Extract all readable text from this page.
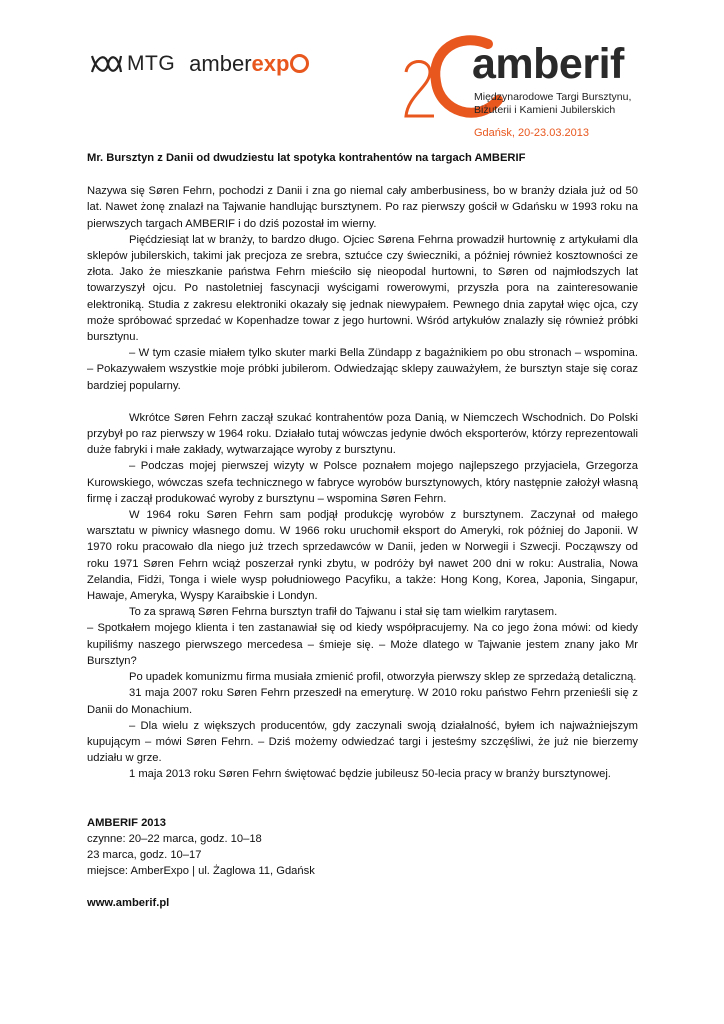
MTG amberexp	amberif
Międzynarodowe Targi Bursztynu,
Biżuterii i Kamieni Jubilerskich
Gdańsk, 20-23.03.2013

Mr. Bursztyn z Danii od dwudziestu lat spotyka kontrahentów na targach AMBERIF

Nazywa się Søren Fehrn, pochodzi z Danii i zna go niemal cały amberbusiness, bo w branży działa już od 50 lat. Nawet żonę znalazł na Tajwanie handlując bursztynem. Po raz pierwszy gościł w Gdańsku w 1993 roku na pierwszych targach AMBERIF i do dziś pozostał im wierny.

Pięćdziesiąt lat w branży, to bardzo długo. Ojciec Sørena Fehrna prowadził hurtownię z artykułami dla sklepów jubilerskich, takimi jak precjoza ze srebra, sztućce czy świeczniki, a później również kosztowności ze złota. Jako że mieszkanie państwa Fehrn mieściło się nieopodal hurtowni, to Søren od najmłodszych lat towarzyszył ojcu. Po nastoletniej fascynacji wyścigami rowerowymi, przyszła pora na zainteresowanie elektroniką. Studia z zakresu elektroniki okazały się jednak niewypałem. Pewnego dnia zapytał więc ojca, czy może spróbować sprzedać w Kopenhadze towar z jego hurtowni. Wśród artykułów znalazły się również próbki bursztynu.

– W tym czasie miałem tylko skuter marki Bella Zündapp z bagażnikiem po obu stronach – wspomina. – Pokazywałem wszystkie moje próbki jubilerom. Odwiedzając sklepy zauważyłem, że bursztyn staje się coraz bardziej popularny.

Wkrótce Søren Fehrn zaczął szukać kontrahentów poza Danią, w Niemczech Wschodnich. Do Polski przybył po raz pierwszy w 1964 roku. Działało tutaj wówczas jedynie dwóch eksporterów, którzy reprezentowali duże fabryki i małe zakłady, wytwarzające wyroby z bursztynu.

– Podczas mojej pierwszej wizyty w Polsce poznałem mojego najlepszego przyjaciela, Grzegorza Kurowskiego, wówczas szefa technicznego w fabryce wyrobów bursztynowych, który następnie założył własną firmę i zaczął produkować wyroby z bursztynu – wspomina Søren Fehrn.

W 1964 roku Søren Fehrn sam podjął produkcję wyrobów z bursztynem. Zaczynał od małego warsztatu w piwnicy własnego domu. W 1966 roku uruchomił eksport do Ameryki, rok później do Japonii. W 1970 roku pracowało dla niego już trzech sprzedawców w Danii, jeden w Norwegii i Szwecji. Począwszy od roku 1971 Søren Fehrn wciąż poszerzał rynki zbytu, w podróży był nawet 200 dni w roku: Australia, Nowa Zelandia, Fidżi, Tonga i wiele wysp południowego Pacyfiku, a także: Hong Kong, Korea, Japonia, Singapur, Hawaje, Ameryka, Wyspy Karaibskie i Londyn.

To za sprawą Søren Fehrna bursztyn trafił do Tajwanu i stał się tam wielkim rarytasem.

– Spotkałem mojego klienta i ten zastanawiał się od kiedy współpracujemy. Na co jego żona mówi: od kiedy kupiliśmy naszego pierwszego mercedesa – śmieje się. – Może dlatego w Tajwanie jestem znany jako Mr Bursztyn?

Po upadek komunizmu firma musiała zmienić profil, otworzyła pierwszy sklep ze sprzedażą detaliczną.

31 maja 2007 roku Søren Fehrn przeszedł na emeryturę. W 2010 roku państwo Fehrn przenieśli się z Danii do Monachium.

– Dla wielu z większych producentów, gdy zaczynali swoją działalność, byłem ich najważniejszym kupującym – mówi Søren Fehrn. – Dziś możemy odwiedzać targi i jesteśmy szczęśliwi, że już nie bierzemy udziału w grze.

1 maja 2013 roku Søren Fehrn świętować będzie jubileusz 50-lecia pracy w branży bursztynowej.

AMBERIF 2013

czynne: 20–22 marca, godz. 10–18

23 marca, godz. 10–17

miejsce: AmberExpo | ul. Żaglowa 11, Gdańsk

www.amberif.pl
